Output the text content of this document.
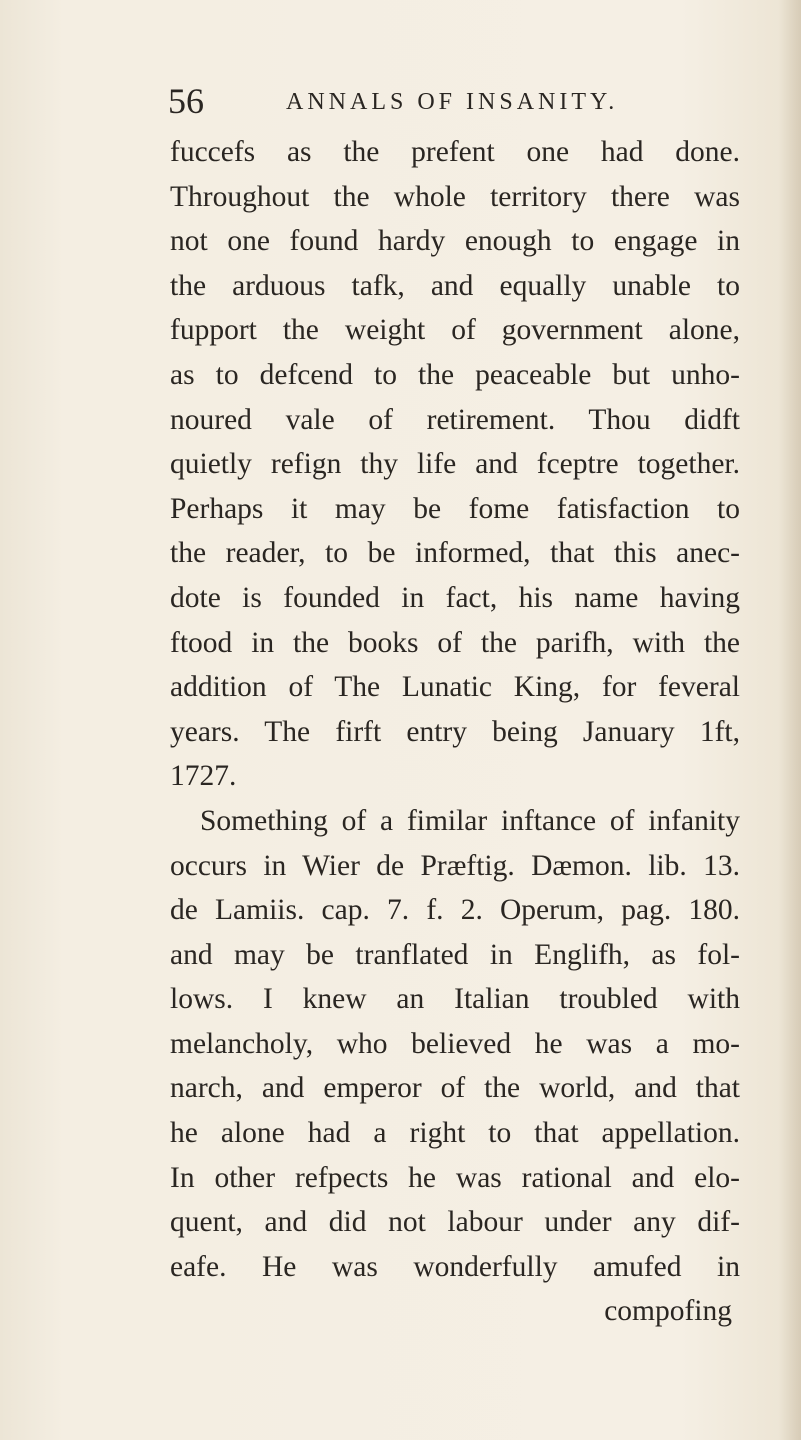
56	ANNALS OF INSANITY.
fuccefs as the prefent one had done.
Throughout the whole territory there was
not one found hardy enough to engage in
the arduous tafk, and equally unable to
fupport the weight of government alone,
as to defcend to the peaceable but unho-
noured vale of retirement. Thou didft
quietly refign thy life and fceptre together.
Perhaps it may be fome fatisfaction to
the reader, to be informed, that this anec-
dote is founded in fact, his name having
ftood in the books of the parifh, with the
addition of The Lunatic King, for feveral
years. The firft entry being January 1ft,
1727.
Something of a fimilar inftance of infanity
occurs in Wier de Præftig. Dæmon. lib. 13.
de Lamiis. cap. 7. f. 2. Operum, pag. 180.
and may be tranflated in Englifh, as fol-
lows. I knew an Italian troubled with
melancholy, who believed he was a mo-
narch, and emperor of the world, and that
he alone had a right to that appellation.
In other refpects he was rational and elo-
quent, and did not labour under any dif-
eafe. He was wonderfully amufed in
compofing
